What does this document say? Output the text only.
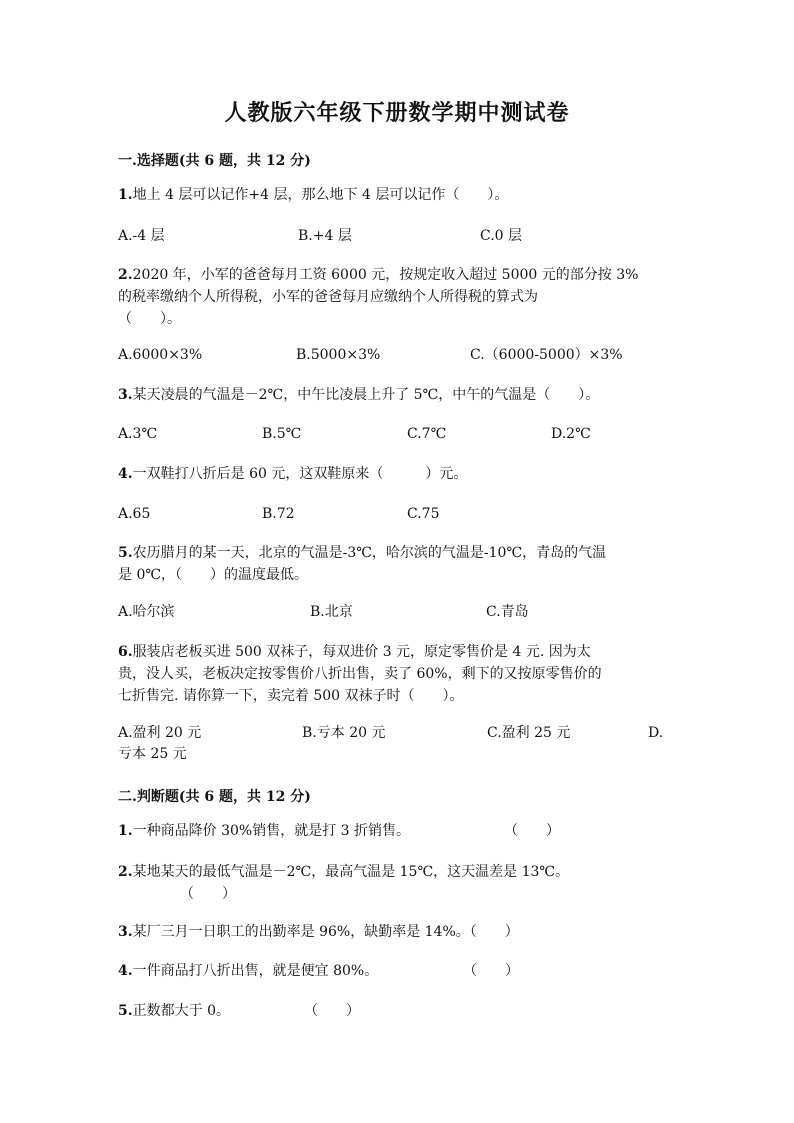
人教版六年级下册数学期中测试卷
一.选择题(共 6 题，共 12 分)
1.地上 4 层可以记作+4 层，那么地下 4 层可以记作（　　）。
A.-4 层	B.+4 层	C.0 层
2.2020 年，小军的爸爸每月工资 6000 元，按规定收入超过 5000 元的部分按 3%
的税率缴纳个人所得税，小军的爸爸每月应缴纳个人所得税的算式为
（　　）。
A.6000×3%	B.5000×3%	C.（6000-5000）×3%
3.某天凌晨的气温是－2℃，中午比凌晨上升了 5℃，中午的气温是（　　）。
A.3℃	B.5℃	C.7℃	D.2℃
4.一双鞋打八折后是 60 元，这双鞋原来（　　　）元。
A.65	B.72	C.75
5.农历腊月的某一天，北京的气温是-3℃，哈尔滨的气温是-10℃，青岛的气温
是 0℃，（　　）的温度最低。
A.哈尔滨	B.北京	C.青岛
6.服装店老板买进 500 双袜子，每双进价 3 元，原定零售价是 4 元. 因为太
贵，没人买，老板决定按零售价八折出售，卖了 60%，剩下的又按原零售价的
七折售完. 请你算一下，卖完着 500 双袜子时（　　）。
A.盈利 20 元	B.亏本 20 元	C.盈利 25 元	D.
亏本 25 元
二.判断题(共 6 题，共 12 分)
1.一种商品降价 30%销售，就是打 3 折销售。	（　　）
2.某地某天的最低气温是－2℃，最高气温是 15℃，这天温差是 13℃。
（　　）
3.某厂三月一日职工的出勤率是 96%，缺勤率是 14%。（　　）
4.一件商品打八折出售，就是便宜 80%。	（　　）
5.正数都大于 0。	（　　）
